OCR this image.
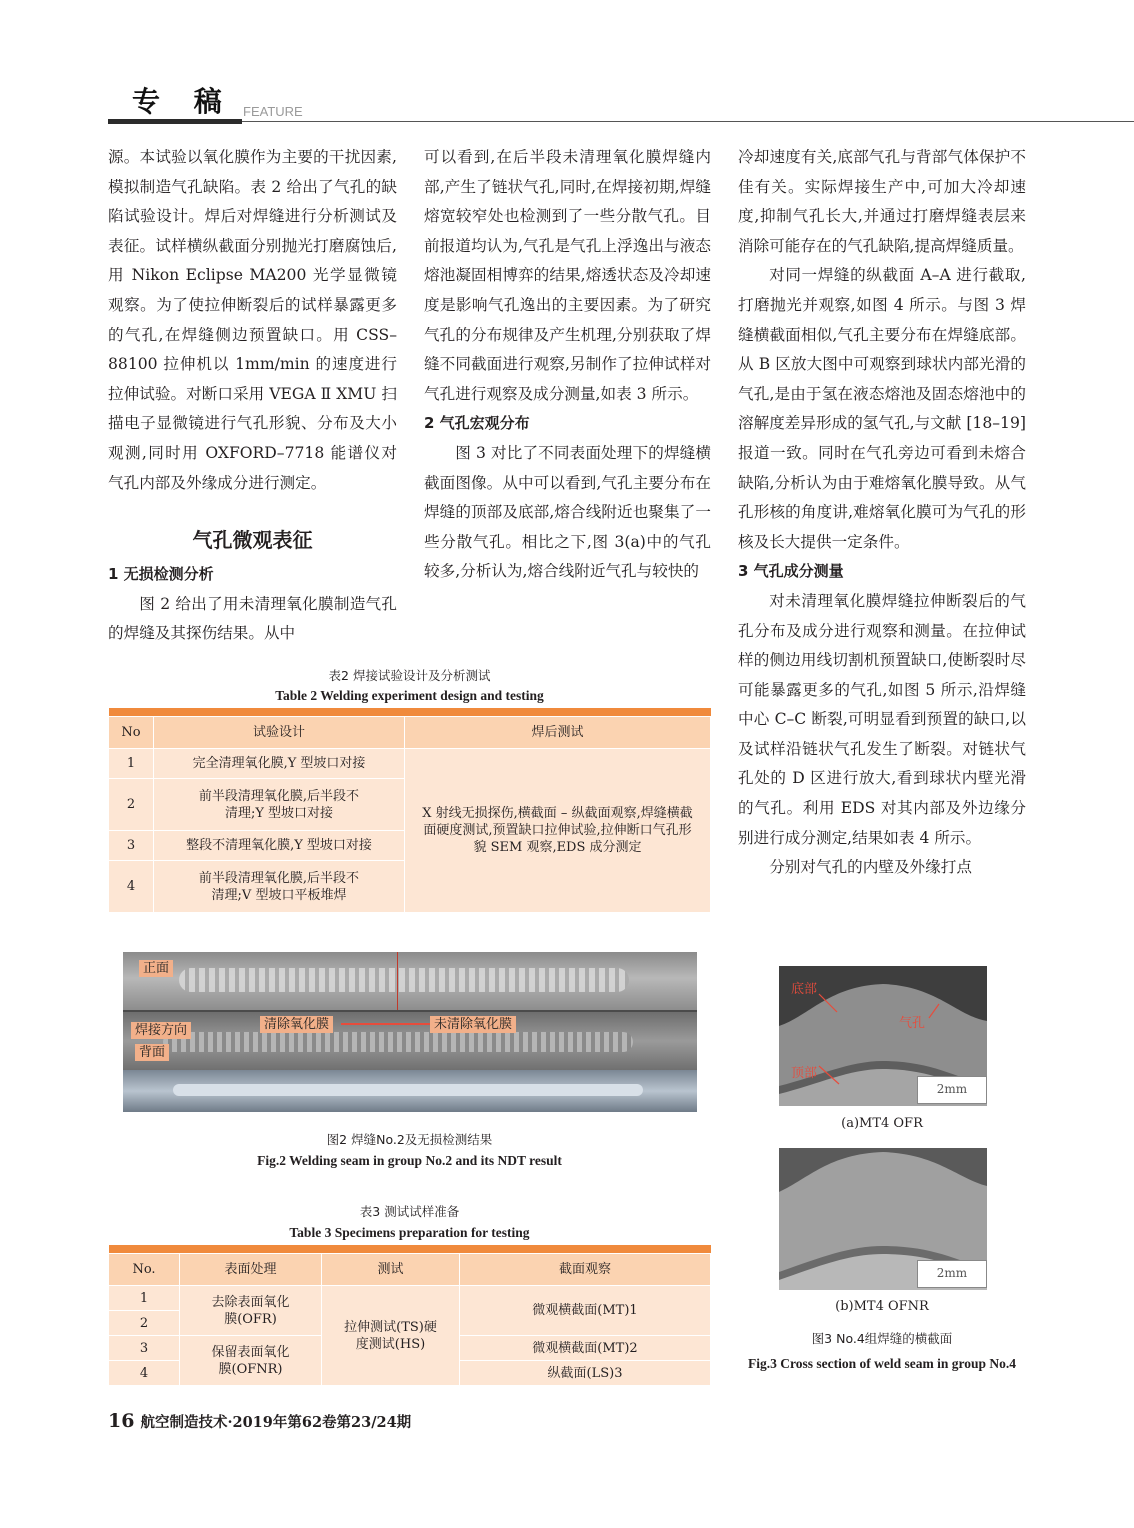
专 稿 FEATURE

源。本试验以氧化膜作为主要的干扰因素,模拟制造气孔缺陷。表 2 给出了气孔的缺陷试验设计。焊后对焊缝进行分析测试及表征。试样横纵截面分别抛光打磨腐蚀后,用 Nikon Eclipse MA200 光学显微镜观察。为了使拉伸断裂后的试样暴露更多的气孔,在焊缝侧边预置缺口。用 CSS–88100 拉伸机以 1mm/min 的速度进行拉伸试验。对断口采用 VEGA Ⅱ XMU 扫描电子显微镜进行气孔形貌、分布及大小观测,同时用 OXFORD–7718 能谱仪对气孔内部及外缘成分进行测定。

气孔微观表征

1 无损检测分析

图 2 给出了用未清理氧化膜制造气孔的焊缝及其探伤结果。从中

可以看到,在后半段未清理氧化膜焊缝内部,产生了链状气孔,同时,在焊接初期,焊缝熔宽较窄处也检测到了一些分散气孔。目前报道均认为,气孔是气孔上浮逸出与液态熔池凝固相博弈的结果,熔透状态及冷却速度是影响气孔逸出的主要因素。为了研究气孔的分布规律及产生机理,分别获取了焊缝不同截面进行观察,另制作了拉伸试样对气孔进行观察及成分测量,如表 3 所示。

2 气孔宏观分布

图 3 对比了不同表面处理下的焊缝横截面图像。从中可以看到,气孔主要分布在焊缝的顶部及底部,熔合线附近也聚集了一些分散气孔。相比之下,图 3(a)中的气孔较多,分析认为,熔合线附近气孔与较快的

冷却速度有关,底部气孔与背部气体保护不佳有关。实际焊接生产中,可加大冷却速度,抑制气孔长大,并通过打磨焊缝表层来消除可能存在的气孔缺陷,提高焊缝质量。

对同一焊缝的纵截面 A–A 进行截取,打磨抛光并观察,如图 4 所示。与图 3 焊缝横截面相似,气孔主要分布在焊缝底部。从 B 区放大图中可观察到球状内部光滑的气孔,是由于氢在液态熔池及固态熔池中的溶解度差异形成的氢气孔,与文献 [18–19] 报道一致。同时在气孔旁边可看到未熔合缺陷,分析认为由于难熔氧化膜导致。从气孔形核的角度讲,难熔氧化膜可为气孔的形核及长大提供一定条件。

3 气孔成分测量

对未清理氧化膜焊缝拉伸断裂后的气孔分布及成分进行观察和测量。在拉伸试样的侧边用线切割机预置缺口,使断裂时尽可能暴露更多的气孔,如图 5 所示,沿焊缝中心 C–C 断裂,可明显看到预置的缺口,以及试样沿链状气孔发生了断裂。对链状气孔处的 D 区进行放大,看到球状内壁光滑的气孔。利用 EDS 对其内部及外边缘分别进行成分测定,结果如表 4 所示。

分别对气孔的内壁及外缘打点

表2 焊接试验设计及分析测试
Table 2 Welding experiment design and testing

No	试验设计	焊后测试
1	完全清理氧化膜,Y 型坡口对接	X 射线无损探伤,横截面 – 纵截面观察,焊缝横截面硬度测试,预置缺口拉伸试验,拉伸断口气孔形貌 SEM 观察,EDS 成分测定
2	前半段清理氧化膜,后半段不清理;Y 型坡口对接	
3	整段不清理氧化膜,Y 型坡口对接	
4	前半段清理氧化膜,后半段不清理;V 型坡口平板堆焊	
正面
焊接方向	清除氧化膜	未清除氧化膜
背面
图2 焊缝No.2及无损检测结果
Fig.2 Welding seam in group No.2 and its NDT result
表3 测试试样准备
Table 3 Specimens preparation for testing

No.	表面处理	测试	截面观察
1	去除表面氧化膜(OFR)	拉伸测试(TS)硬度测试(HS)	微观横截面(MT)1
2			
3	保留表面氧化膜(OFNR)		微观横截面(MT)2
4			纵截面(LS)3
底部
气孔
顶部
2mm
(a)MT4 OFR
2mm
(b)MT4 OFNR
图3 No.4组焊缝的横截面
Fig.3 Cross section of weld seam in group No.4
16 航空制造技术·2019年第62卷第23/24期
